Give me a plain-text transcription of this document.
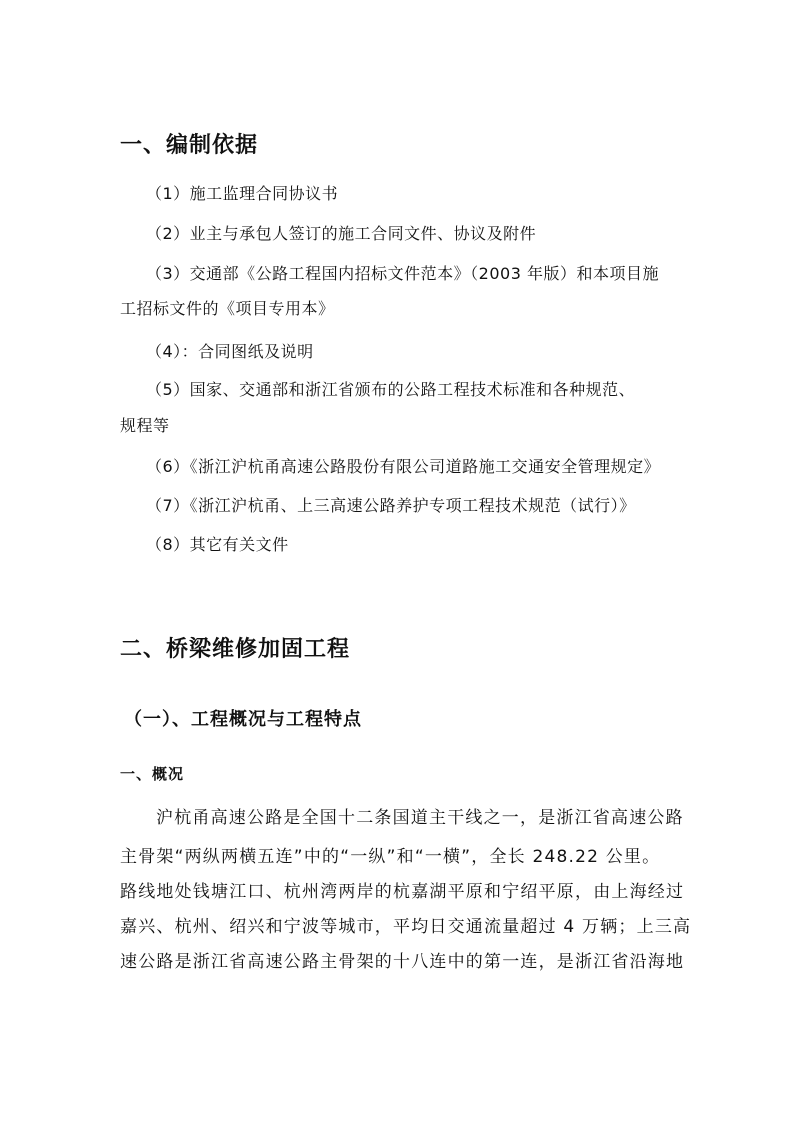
一、编制依据
（1）施工监理合同协议书
（2）业主与承包人签订的施工合同文件、协议及附件
（3）交通部《公路工程国内招标文件范本》（2003 年版）和本项目施
工招标文件的《项目专用本》
（4）：合同图纸及说明
（5）国家、交通部和浙江省颁布的公路工程技术标准和各种规范、
规程等
（6）《浙江沪杭甬高速公路股份有限公司道路施工交通安全管理规定》
（7）《浙江沪杭甬、上三高速公路养护专项工程技术规范（试行）》
（8）其它有关文件
二、桥梁维修加固工程
（一）、工程概况与工程特点
一、概况
沪杭甬高速公路是全国十二条国道主干线之一，是浙江省高速公路
主骨架“两纵两横五连”中的“一纵”和“一横”，全长 248.22 公里。
路线地处钱塘江口、杭州湾两岸的杭嘉湖平原和宁绍平原，由上海经过
嘉兴、杭州、绍兴和宁波等城市，平均日交通流量超过 4 万辆；上三高
速公路是浙江省高速公路主骨架的十八连中的第一连，是浙江省沿海地
